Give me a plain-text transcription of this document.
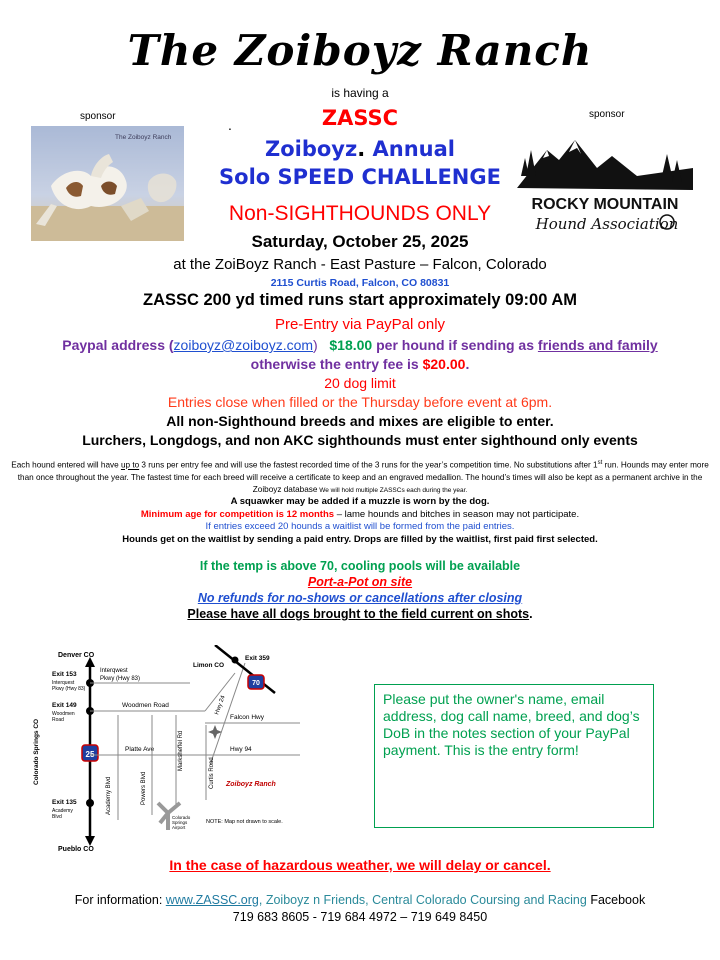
The Zoiboyz Ranch
is having a
.	ZASSC
Zoiboyz. Annual
Solo SPEED CHALLENGE
sponsor	sponsor
The Zoiboyz Ranch
ROCKY MOUNTAIN
Hound Association
Non-SIGHTHOUNDS ONLY
Saturday, October 25, 2025
at the ZoiBoyz Ranch - East Pasture – Falcon, Colorado
2115 Curtis Road, Falcon, CO 80831
ZASSC 200 yd timed runs start approximately 09:00 AM
Pre-Entry via PayPal only
Paypal address (zoiboyz@zoiboyz.com) $18.00 per hound if sending as friends and family
otherwise the entry fee is $20.00.
20 dog limit
Entries close when filled or the Thursday before event at 6pm.
All non-Sighthound breeds and mixes are eligible to enter.
Lurchers, Longdogs, and non AKC sighthounds must enter sighthound only events
Each hound entered will have up to 3 runs per entry fee and will use the fastest recorded time of the 3 runs for the year’s competition time. No substitutions after 1st run. Hounds may enter more than once throughout the year. The fastest time for each breed will receive a certificate to keep and an engraved medallion. The hound’s times will also be kept as a permanent archive in the Zoiboyz database We will hold multiple ZASSCs each during the year.
A squawker may be added if a muzzle is worn by the dog.
Minimum age for competition is 12 months – lame hounds and bitches in season may not participate.
If entries exceed 20 hounds a waitlist will be formed from the paid entries.
Hounds get on the waitlist by sending a paid entry. Drops are filled by the waitlist, first paid first selected.
If the temp is above 70, cooling pools will be available
Port-a-Pot on site
No refunds for no-shows or cancellations after closing
Please have all dogs brought to the field current on shots.
25
Denver CO
Pueblo CO
Colorado Springs CO
Exit 153
Interquest
Pkwy (Hwy 83)
Exit 149
Woodmen
Road
Exit 135
Academy
Blvd
Interqwest
Pkwy (Hwy 83)
Woodmen Road
Platte Ave
Falcon Hwy
Hwy 94
Hwy 24
70
Limon CO
Exit 359
Academy Blvd	Powers Blvd
Marksheffel Rd
Curtis Road Zoiboyz Ranch
Colorado
Springs
Airport
NOTE: Map not drawn to scale.
Please put the owner's name, email address, dog call name, breed, and dog’s DoB in the notes section of your PayPal payment. This is the entry form!
In the case of hazardous weather, we will delay or cancel.
For information: www.ZASSC.org, Zoiboyz n Friends, Central Colorado Coursing and Racing Facebook
719 683 8605 - 719 684 4972 – 719 649 8450
